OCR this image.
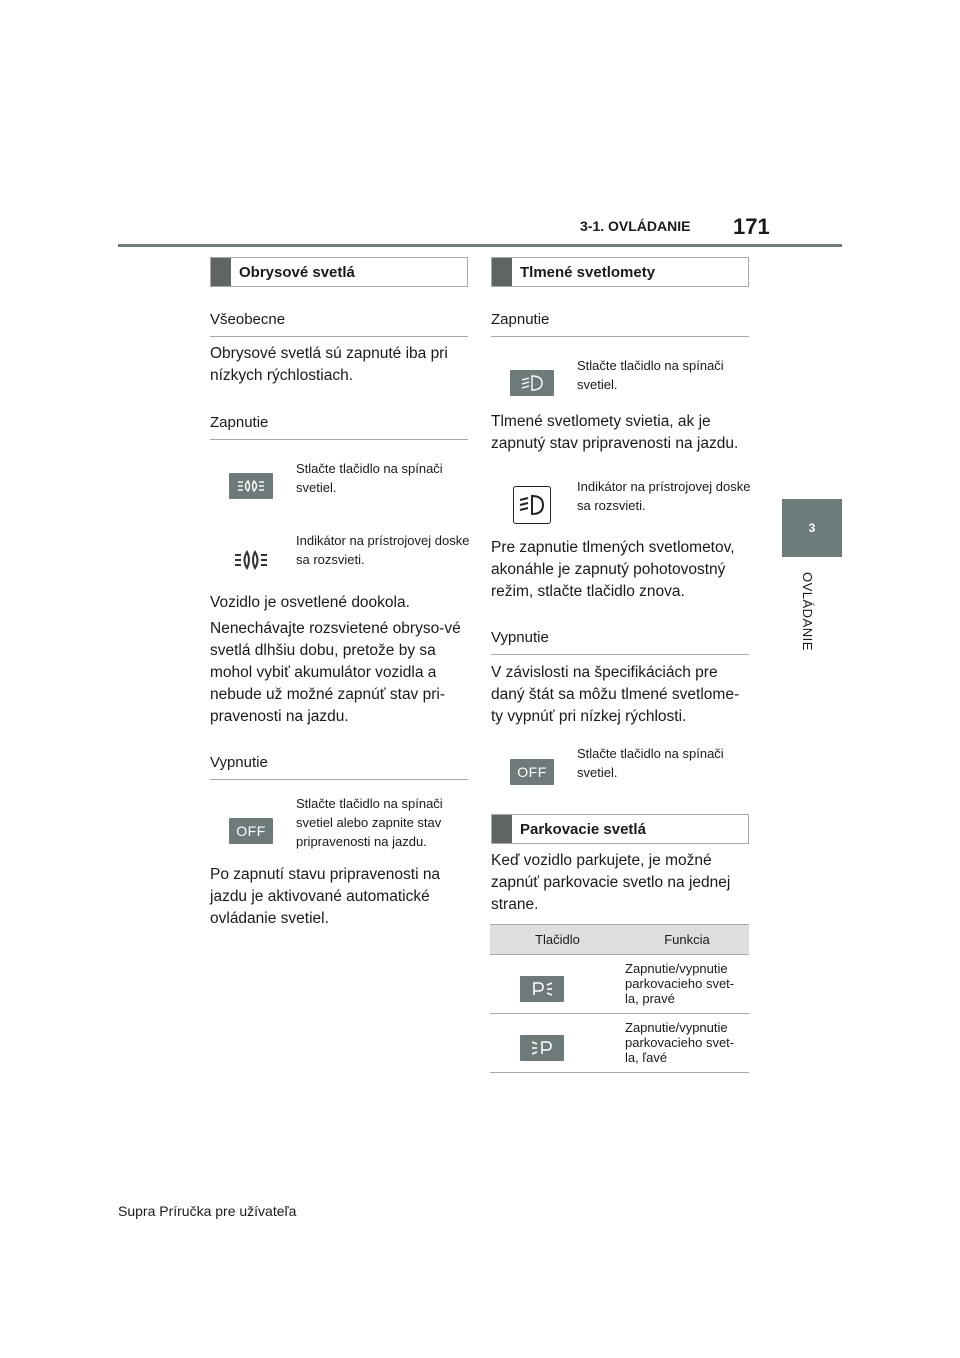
3-1. OVLÁDANIE 171
3
OVLÁDANIE
Obrysové svetlá
Všeobecne
Obrysové svetlá sú zapnuté iba pri nízkych rýchlostiach.
Zapnutie
Stlačte tlačidlo na spínači svetiel.
Indikátor na prístrojovej doske sa rozsvieti.
Vozidlo je osvetlené dookola.
Nenechávajte rozsvietené obryso-vé svetlá dlhšiu dobu, pretože by sa mohol vybiť akumulátor vozidla a nebude už možné zapnúť stav pri-pravenosti na jazdu.
Vypnutie
OFF
Stlačte tlačidlo na spínači svetiel alebo zapnite stav pripravenosti na jazdu.
Po zapnutí stavu pripravenosti na jazdu je aktivované automatické ovládanie svetiel.
Tlmené svetlomety
Zapnutie
Stlačte tlačidlo na spínači svetiel.
Tlmené svetlomety svietia, ak je zapnutý stav pripravenosti na jazdu.
Indikátor na prístrojovej doske sa rozsvieti.
Pre zapnutie tlmených svetlometov, akonáhle je zapnutý pohotovostný režim, stlačte tlačidlo znova.
Vypnutie
V závislosti na špecifikáciách pre daný štát sa môžu tlmené svetlome-ty vypnúť pri nízkej rýchlosti.
OFF
Stlačte tlačidlo na spínači svetiel.
Parkovacie svetlá
Keď vozidlo parkujete, je možné zapnúť parkovacie svetlo na jednej strane.
Tlačidlo	Funkcia

Zapnutie/vypnutie parkovacieho svet-la, pravé

Zapnutie/vypnutie parkovacieho svet-la, ľavé
Supra Príručka pre užívateľa
